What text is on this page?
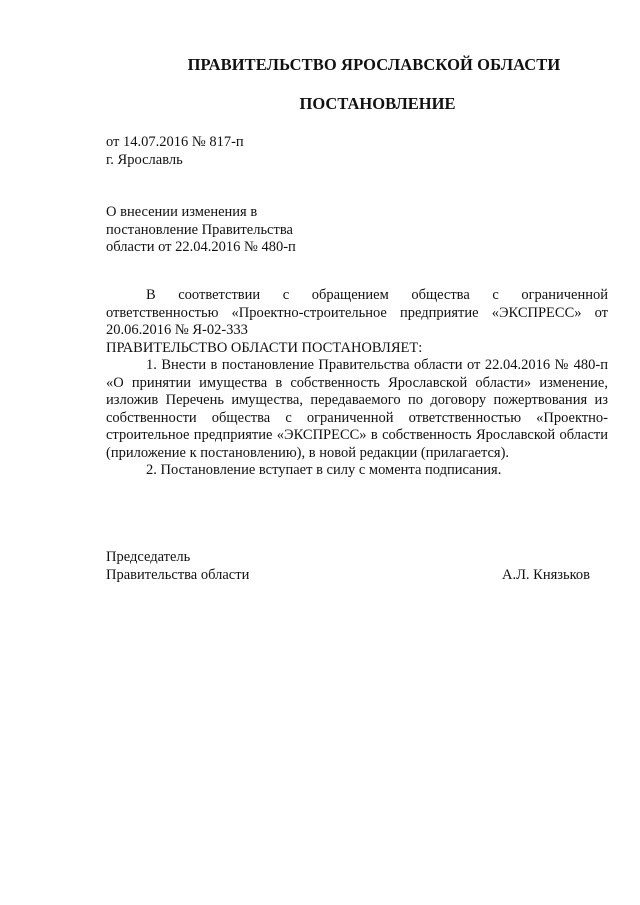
ПРАВИТЕЛЬСТВО ЯРОСЛАВСКОЙ ОБЛАСТИ
ПОСТАНОВЛЕНИЕ
от 14.07.2016 № 817-п
г. Ярославль
О внесении изменения в
постановление Правительства
области от 22.04.2016 № 480-п

В соответствии с обращением общества с ограниченной ответственностью «Проектно-строительное предприятие «ЭКСПРЕСС» от 20.06.2016 № Я-02-333

ПРАВИТЕЛЬСТВО ОБЛАСТИ ПОСТАНОВЛЯЕТ:

1. Внести в постановление Правительства области от 22.04.2016 № 480-п «О принятии имущества в собственность Ярославской области» изменение, изложив Перечень имущества, передаваемого по договору пожертвования из собственности общества с ограниченной ответственностью «Проектно-строительное предприятие «ЭКСПРЕСС» в собственность Ярославской области (приложение к постановлению), в новой редакции (прилагается).

2. Постановление вступает в силу с момента подписания.

Председатель
Правительства области	А.Л. Князьков
